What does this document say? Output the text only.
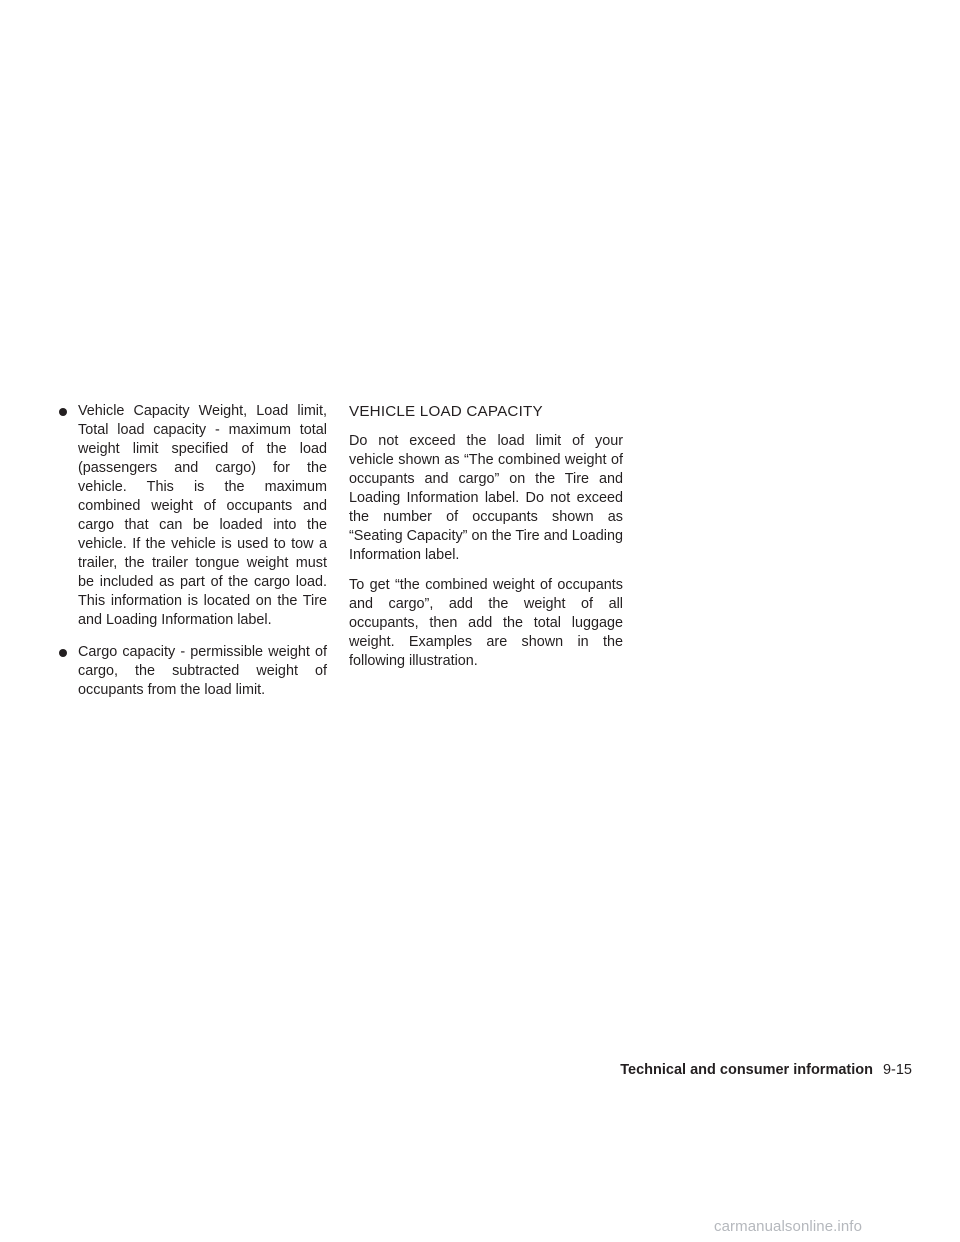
Vehicle Capacity Weight, Load limit, Total load capacity - maximum total weight limit specified of the load (passengers and cargo) for the vehicle. This is the maximum combined weight of occupants and cargo that can be loaded into the vehicle. If the vehicle is used to tow a trailer, the trailer tongue weight must be included as part of the cargo load. This information is located on the Tire and Loading Information label.

Cargo capacity - permissible weight of cargo, the subtracted weight of occupants from the load limit.

VEHICLE LOAD CAPACITY

Do not exceed the load limit of your vehicle shown as “The combined weight of occupants and cargo” on the Tire and Loading Information label. Do not exceed the number of occupants shown as “Seating Capacity” on the Tire and Loading Information label.

To get “the combined weight of occupants and cargo”, add the weight of all occupants, then add the total luggage weight. Examples are shown in the following illustration.

Technical and consumer information 9-15
carmanualsonline.info
